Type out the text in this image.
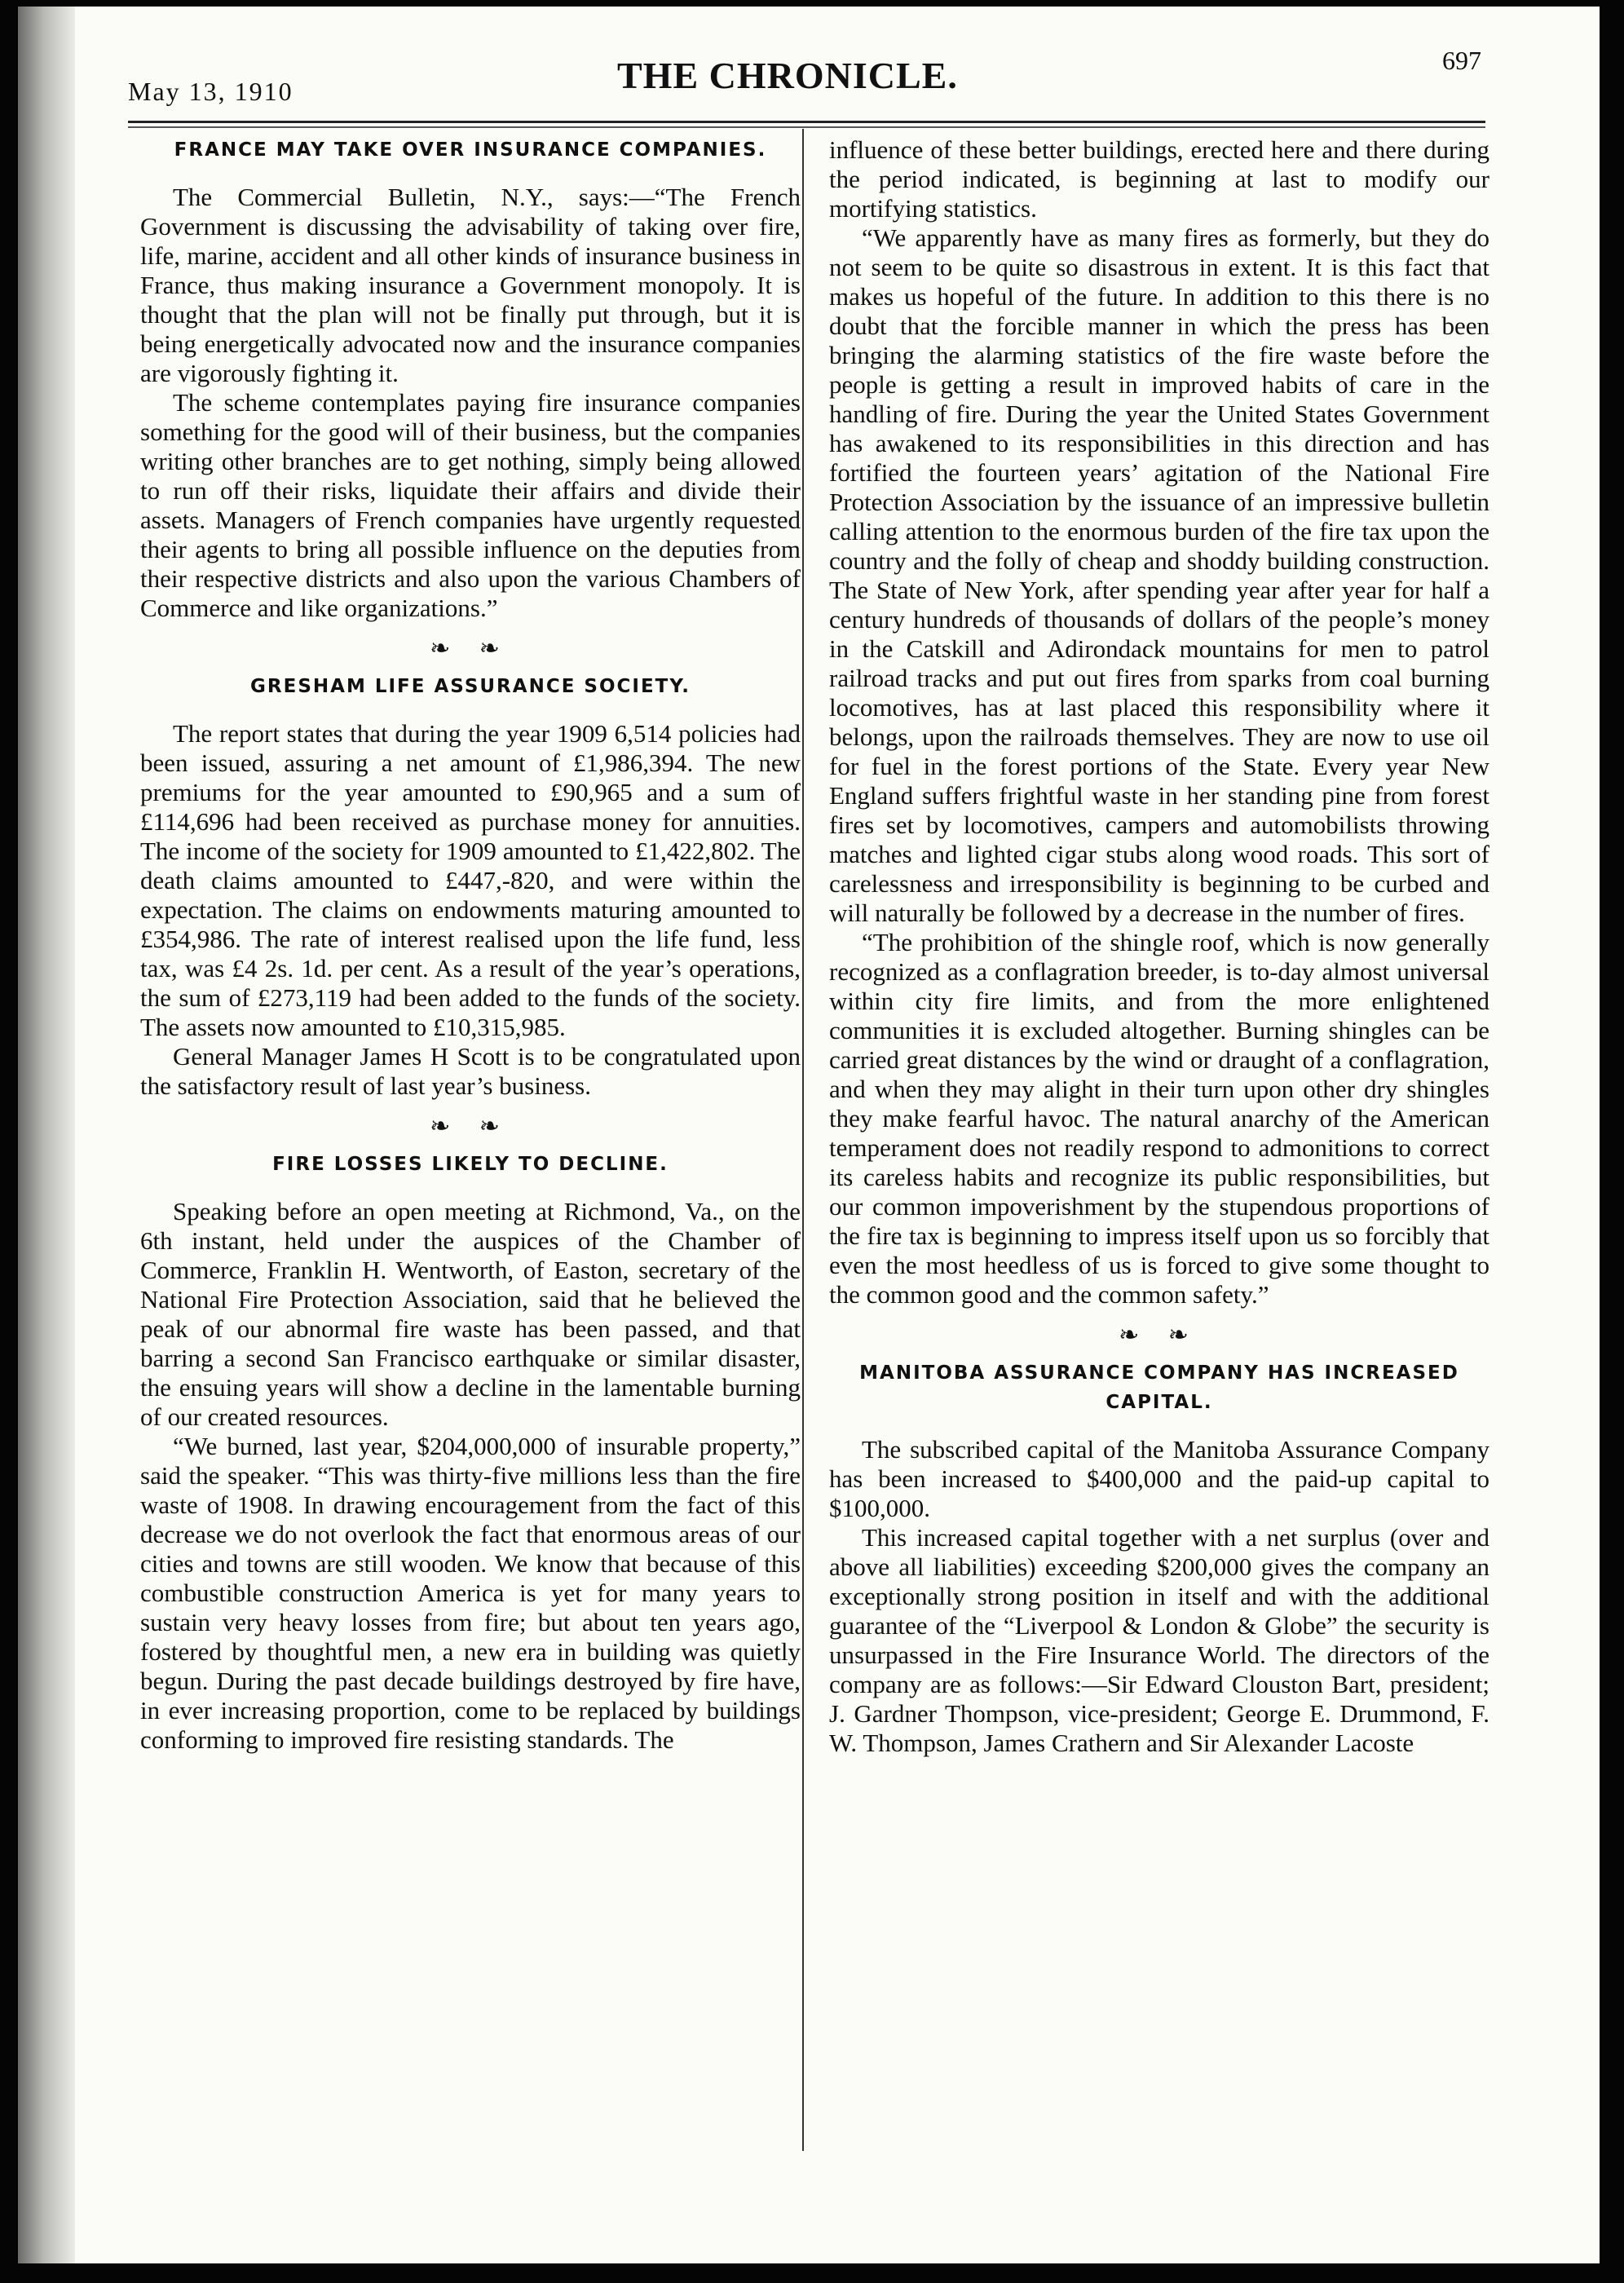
May 13, 1910	THE CHRONICLE.	697
FRANCE MAY TAKE OVER INSURANCE COMPANIES.

The Commercial Bulletin, N.Y., says:—“The French Government is discussing the advisability of taking over fire, life, marine, accident and all other kinds of insurance business in France, thus making insurance a Government monopoly. It is thought that the plan will not be finally put through, but it is being energetically advocated now and the insurance companies are vigorously fighting it.

The scheme contemplates paying fire insurance companies something for the good will of their business, but the companies writing other branches are to get nothing, simply being allowed to run off their risks, liquidate their affairs and divide their assets. Managers of French companies have urgently requested their agents to bring all possible influence on the deputies from their respective districts and also upon the various Chambers of Commerce and like organizations.”

❧ ❧
GRESHAM LIFE ASSURANCE SOCIETY.

The report states that during the year 1909 6,514 policies had been issued, assuring a net amount of £1,986,394. The new premiums for the year amounted to £90,965 and a sum of £114,696 had been received as purchase money for annuities. The income of the society for 1909 amounted to £1,422,802. The death claims amounted to £447,-820, and were within the expectation. The claims on endowments maturing amounted to £354,986. The rate of interest realised upon the life fund, less tax, was £4 2s. 1d. per cent. As a result of the year’s operations, the sum of £273,119 had been added to the funds of the society. The assets now amounted to £10,315,985.

General Manager James H Scott is to be congratulated upon the satisfactory result of last year’s business.

❧ ❧
FIRE LOSSES LIKELY TO DECLINE.

Speaking before an open meeting at Richmond, Va., on the 6th instant, held under the auspices of the Chamber of Commerce, Franklin H. Wentworth, of Easton, secretary of the National Fire Protection Association, said that he believed the peak of our abnormal fire waste has been passed, and that barring a second San Francisco earthquake or similar disaster, the ensuing years will show a decline in the lamentable burning of our created resources.

“We burned, last year, $204,000,000 of insurable property,” said the speaker. “This was thirty-five millions less than the fire waste of 1908. In drawing encouragement from the fact of this decrease we do not overlook the fact that enormous areas of our cities and towns are still wooden. We know that because of this combustible construction America is yet for many years to sustain very heavy losses from fire; but about ten years ago, fostered by thoughtful men, a new era in building was quietly begun. During the past decade buildings destroyed by fire have, in ever increasing proportion, come to be replaced by buildings conforming to improved fire resisting standards. The

influence of these better buildings, erected here and there during the period indicated, is beginning at last to modify our mortifying statistics.

“We apparently have as many fires as formerly, but they do not seem to be quite so disastrous in extent. It is this fact that makes us hopeful of the future. In addition to this there is no doubt that the forcible manner in which the press has been bringing the alarming statistics of the fire waste before the people is getting a result in improved habits of care in the handling of fire. During the year the United States Government has awakened to its responsibilities in this direction and has fortified the fourteen years’ agitation of the National Fire Protection Association by the issuance of an impressive bulletin calling attention to the enormous burden of the fire tax upon the country and the folly of cheap and shoddy building construction. The State of New York, after spending year after year for half a century hundreds of thousands of dollars of the people’s money in the Catskill and Adirondack mountains for men to patrol railroad tracks and put out fires from sparks from coal burning locomotives, has at last placed this responsibility where it belongs, upon the railroads themselves. They are now to use oil for fuel in the forest portions of the State. Every year New England suffers frightful waste in her standing pine from forest fires set by locomotives, campers and automobilists throwing matches and lighted cigar stubs along wood roads. This sort of carelessness and irresponsibility is beginning to be curbed and will naturally be followed by a decrease in the number of fires.

“The prohibition of the shingle roof, which is now generally recognized as a conflagration breeder, is to-day almost universal within city fire limits, and from the more enlightened communities it is excluded altogether. Burning shingles can be carried great distances by the wind or draught of a conflagration, and when they may alight in their turn upon other dry shingles they make fearful havoc. The natural anarchy of the American temperament does not readily respond to admonitions to correct its careless habits and recognize its public responsibilities, but our common impoverishment by the stupendous proportions of the fire tax is beginning to impress itself upon us so forcibly that even the most heedless of us is forced to give some thought to the common good and the common safety.”

❧ ❧
MANITOBA ASSURANCE COMPANY HAS INCREASED CAPITAL.

The subscribed capital of the Manitoba Assurance Company has been increased to $400,000 and the paid-up capital to $100,000.

This increased capital together with a net surplus (over and above all liabilities) exceeding $200,000 gives the company an exceptionally strong position in itself and with the additional guarantee of the “Liverpool & London & Globe” the security is unsurpassed in the Fire Insurance World. The directors of the company are as follows:—Sir Edward Clouston Bart, president; J. Gardner Thompson, vice-president; George E. Drummond, F. W. Thompson, James Crathern and Sir Alexander Lacoste
